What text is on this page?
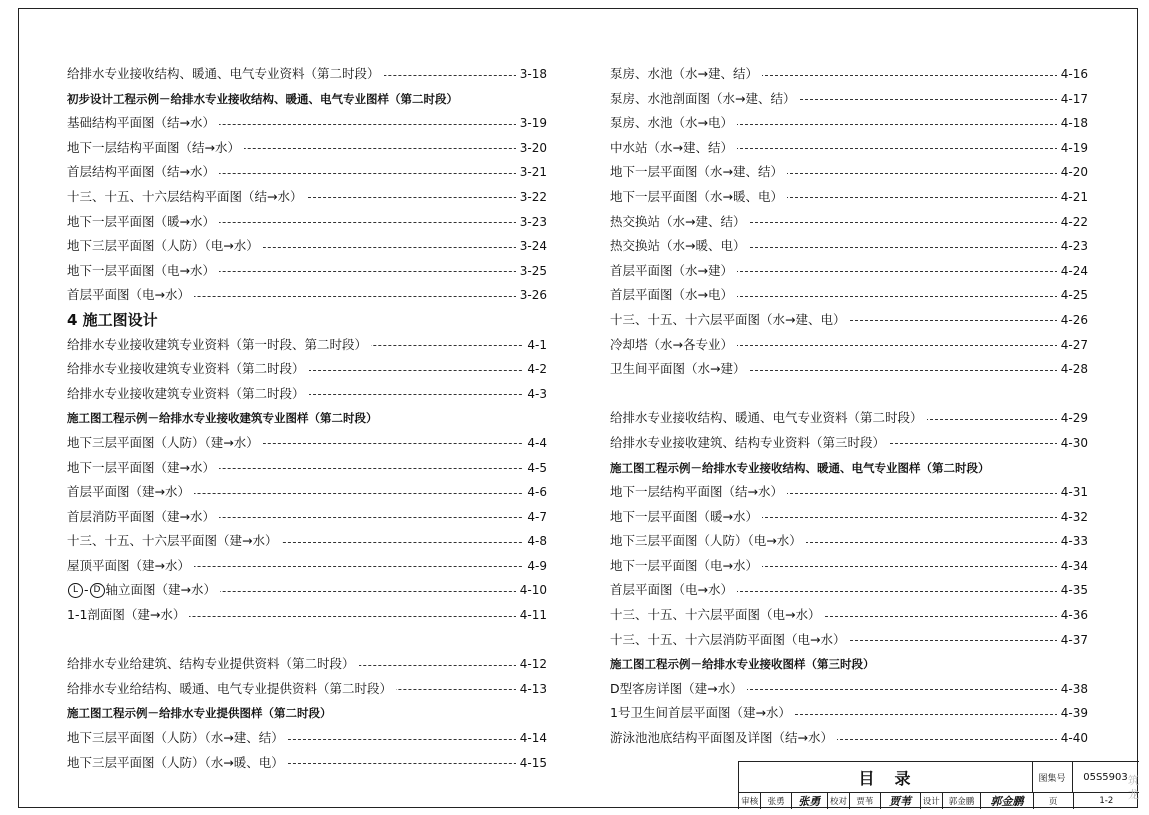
给排水专业接收结构、暖通、电气专业资料（第二时段）	3-18
初步设计工程示例－给排水专业接收结构、暖通、电气专业图样（第二时段）
基础结构平面图（结→水）	3-19
地下一层结构平面图（结→水）	3-20
首层结构平面图（结→水）	3-21
十三、十五、十六层结构平面图（结→水）	3-22
地下一层平面图（暖→水）	3-23
地下三层平面图（人防）（电→水）	3-24
地下一层平面图（电→水）	3-25
首层平面图（电→水）	3-26
4 施工图设计
给排水专业接收建筑专业资料（第一时段、第二时段）	4-1
给排水专业接收建筑专业资料（第二时段）	4-2
给排水专业接收建筑专业资料（第二时段）	4-3
施工图工程示例－给排水专业接收建筑专业图样（第二时段）
地下三层平面图（人防）（建→水）	4-4
地下一层平面图（建→水）	4-5
首层平面图（建→水）	4-6
首层消防平面图（建→水）	4-7
十三、十五、十六层平面图（建→水）	4-8
屋顶平面图（建→水）	4-9
L - D 轴立面图（建→水）	4-10
1-1剖面图（建→水）	4-11
给排水专业给建筑、结构专业提供资料（第二时段）	4-12
给排水专业给结构、暖通、电气专业提供资料（第二时段）	4-13
施工图工程示例－给排水专业提供图样（第二时段）
地下三层平面图（人防）（水→建、结）	4-14
地下三层平面图（人防）（水→暖、电）	4-15
泵房、水池（水→建、结）	4-16
泵房、水池剖面图（水→建、结）	4-17
泵房、水池（水→电）	4-18
中水站（水→建、结）	4-19
地下一层平面图（水→建、结）	4-20
地下一层平面图（水→暖、电）	4-21
热交换站（水→建、结）	4-22
热交换站（水→暖、电）	4-23
首层平面图（水→建）	4-24
首层平面图（水→电）	4-25
十三、十五、十六层平面图（水→建、电）	4-26
冷却塔（水→各专业）	4-27
卫生间平面图（水→建）	4-28
给排水专业接收结构、暖通、电气专业资料（第二时段）	4-29
给排水专业接收建筑、结构专业资料（第三时段）	4-30
施工图工程示例－给排水专业接收结构、暖通、电气专业图样（第二时段）
地下一层结构平面图（结→水）	4-31
地下一层平面图（暖→水）	4-32
地下三层平面图（人防）（电→水）	4-33
地下一层平面图（电→水）	4-34
首层平面图（电→水）	4-35
十三、十五、十六层平面图（电→水）	4-36
十三、十五、十六层消防平面图（电→水）	4-37
施工图工程示例－给排水专业接收图样（第三时段）
D型客房详图（建→水）	4-38
1号卫生间首层平面图（建→水）	4-39
游泳池池底结构平面图及详图（结→水）	4-40
目　录	图集号	05S5903
审核	张勇	张勇	校对	贾苇	贾苇	设计	郭金鹏	郭金鹏	页	1-2
筑龙
